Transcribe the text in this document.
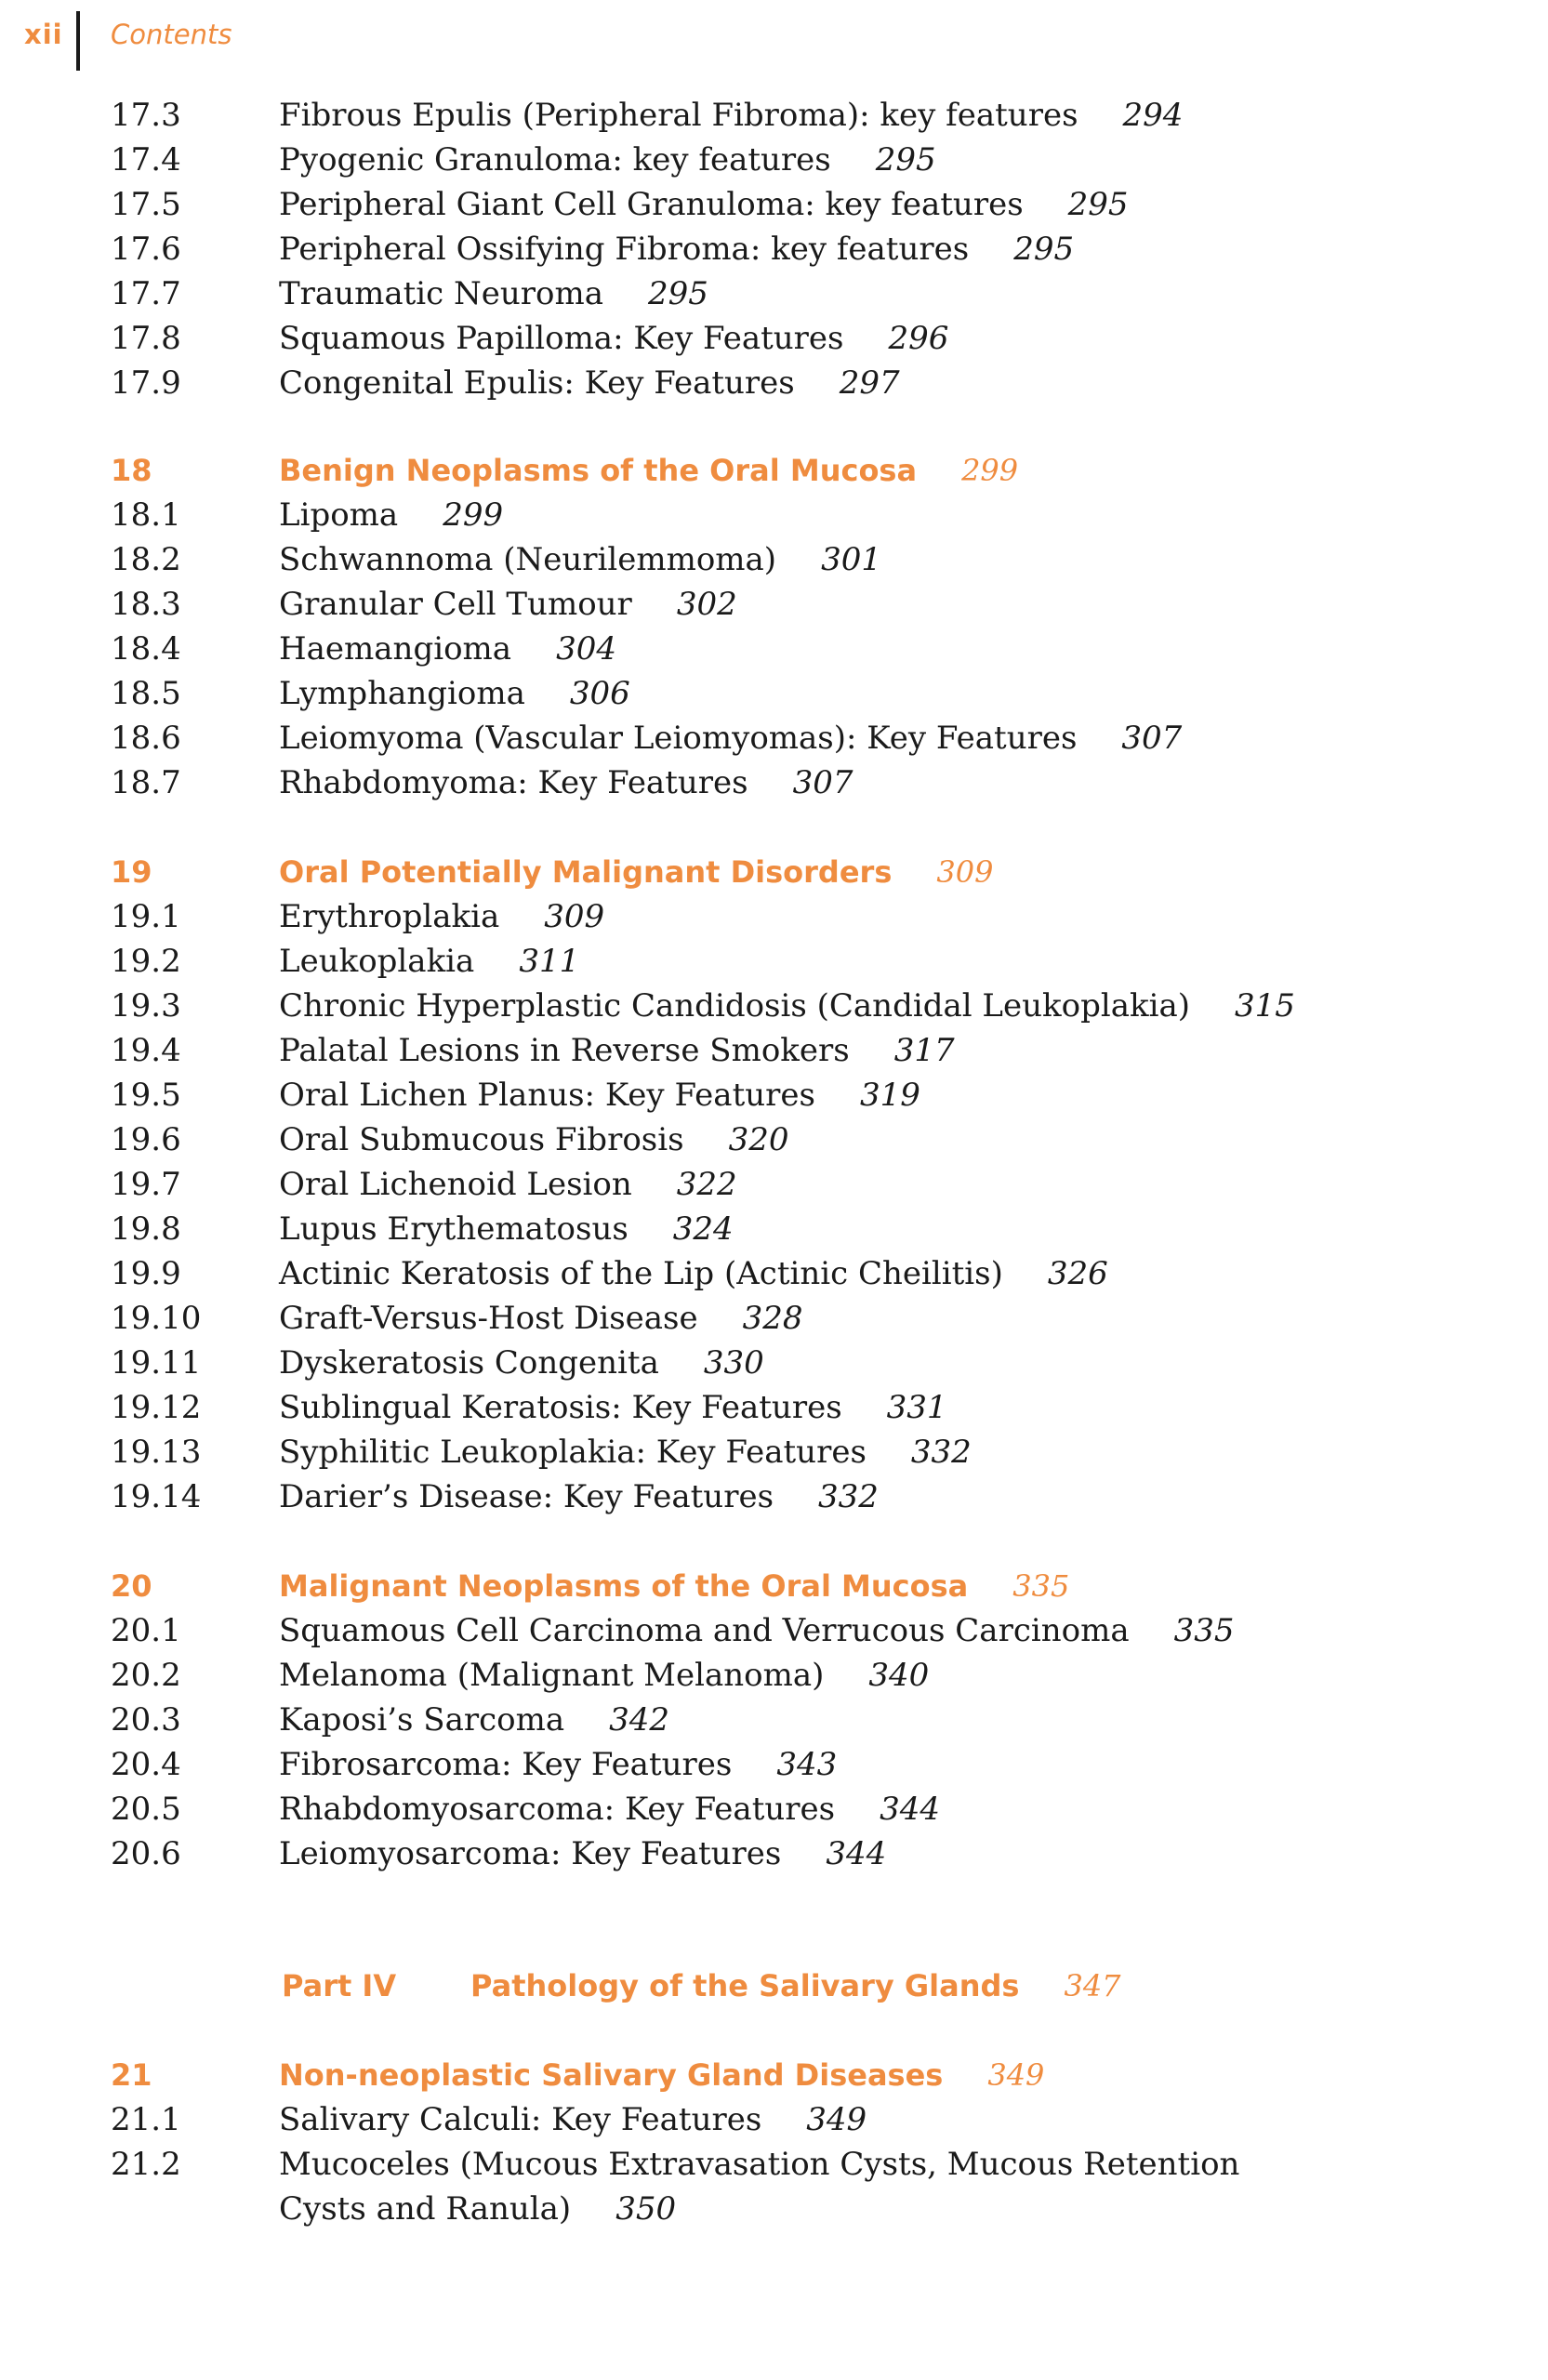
xii Contents
17.3	Fibrous Epulis (Peripheral Fibroma): key features 294
17.4	Pyogenic Granuloma: key features 295
17.5	Peripheral Giant Cell Granuloma: key features 295
17.6	Peripheral Ossifying Fibroma: key features 295
17.7	Traumatic Neuroma 295
17.8	Squamous Papilloma: Key Features 296
17.9	Congenital Epulis: Key Features 297
18	Benign Neoplasms of the Oral Mucosa 299
18.1	Lipoma 299
18.2	Schwannoma (Neurilemmoma) 301
18.3	Granular Cell Tumour 302
18.4	Haemangioma 304
18.5	Lymphangioma 306
18.6	Leiomyoma (Vascular Leiomyomas): Key Features 307
18.7	Rhabdomyoma: Key Features 307
19	Oral Potentially Malignant Disorders 309
19.1	Erythroplakia 309
19.2	Leukoplakia 311
19.3	Chronic Hyperplastic Candidosis (Candidal Leukoplakia) 315
19.4	Palatal Lesions in Reverse Smokers 317
19.5	Oral Lichen Planus: Key Features 319
19.6	Oral Submucous Fibrosis 320
19.7	Oral Lichenoid Lesion 322
19.8	Lupus Erythematosus 324
19.9	Actinic Keratosis of the Lip (Actinic Cheilitis) 326
19.10 Graft-Versus-Host Disease 328
19.11 Dyskeratosis Congenita 330
19.12 Sublingual Keratosis: Key Features 331
19.13 Syphilitic Leukoplakia: Key Features 332
19.14 Darier’s Disease: Key Features 332
20	Malignant Neoplasms of the Oral Mucosa 335
20.1	Squamous Cell Carcinoma and Verrucous Carcinoma 335
20.2	Melanoma (Malignant Melanoma) 340
20.3	Kaposi’s Sarcoma 342
20.4	Fibrosarcoma: Key Features 343
20.5	Rhabdomyosarcoma: Key Features 344
20.6	Leiomyosarcoma: Key Features 344
Part IV Pathology of the Salivary Glands 347
21	Non-neoplastic Salivary Gland Diseases 349
21.1	Salivary Calculi: Key Features 349
21.2	Mucoceles (Mucous Extravasation Cysts, Mucous Retention
Cysts and Ranula) 350
